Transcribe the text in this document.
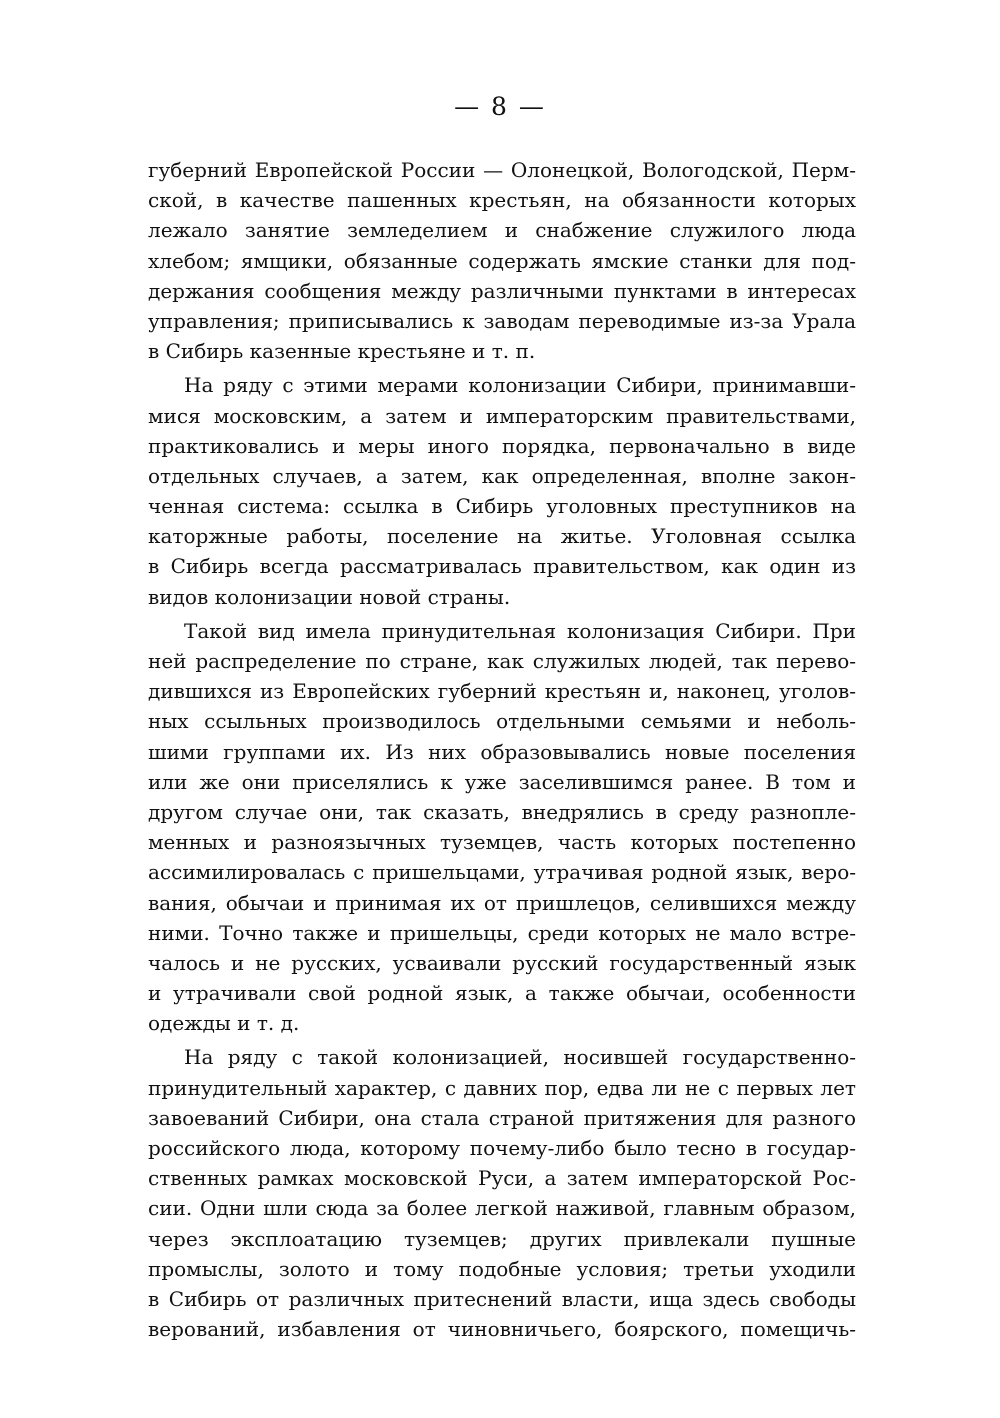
— 8 —
губерний Европейской России — Олонецкой, Вологодской, Перм-
ской, в качестве пашенных крестьян, на обязанности которых
лежало занятие земледелием и снабжение служилого люда
хлебом; ямщики, обязанные содержать ямские станки для под-
держания сообщения между различными пунктами в интересах
управления; приписывались к заводам переводимые из-за Урала
в Сибирь казенные крестьяне и т. п.
На ряду с этими мерами колонизации Сибири, принимавши-
мися московским, а затем и императорским правительствами,
практиковались и меры иного порядка, первоначально в виде
отдельных случаев, а затем, как определенная, вполне закон-
ченная система: ссылка в Сибирь уголовных преступников на
каторжные работы, поселение на житье. Уголовная ссылка
в Сибирь всегда рассматривалась правительством, как один из
видов колонизации новой страны.
Такой вид имела принудительная колонизация Сибири. При
ней распределение по стране, как служилых людей, так перево-
дившихся из Европейских губерний крестьян и, наконец, уголов-
ных ссыльных производилось отдельными семьями и неболь-
шими группами их. Из них образовывались новые поселения
или же они приселялись к уже заселившимся ранее. В том и
другом случае они, так сказать, внедрялись в среду разнопле-
менных и разноязычных туземцев, часть которых постепенно
ассимилировалась с пришельцами, утрачивая родной язык, веро-
вания, обычаи и принимая их от пришлецов, селившихся между
ними. Точно также и пришельцы, среди которых не мало встре-
чалось и не русских, усваивали русский государственный язык
и утрачивали свой родной язык, а также обычаи, особенности
одежды и т. д.
На ряду с такой колонизацией, носившей государственно-
принудительный характер, с давних пор, едва ли не с первых лет
завоеваний Сибири, она стала страной притяжения для разного
российского люда, которому почему-либо было тесно в государ-
ственных рамках московской Руси, а затем императорской Рос-
сии. Одни шли сюда за более легкой наживой, главным образом,
через эксплоатацию туземцев; других привлекали пушные
промыслы, золото и тому подобные условия; третьи уходили
в Сибирь от различных притеснений власти, ища здесь свободы
верований, избавления от чиновничьего, боярского, помещичь-
